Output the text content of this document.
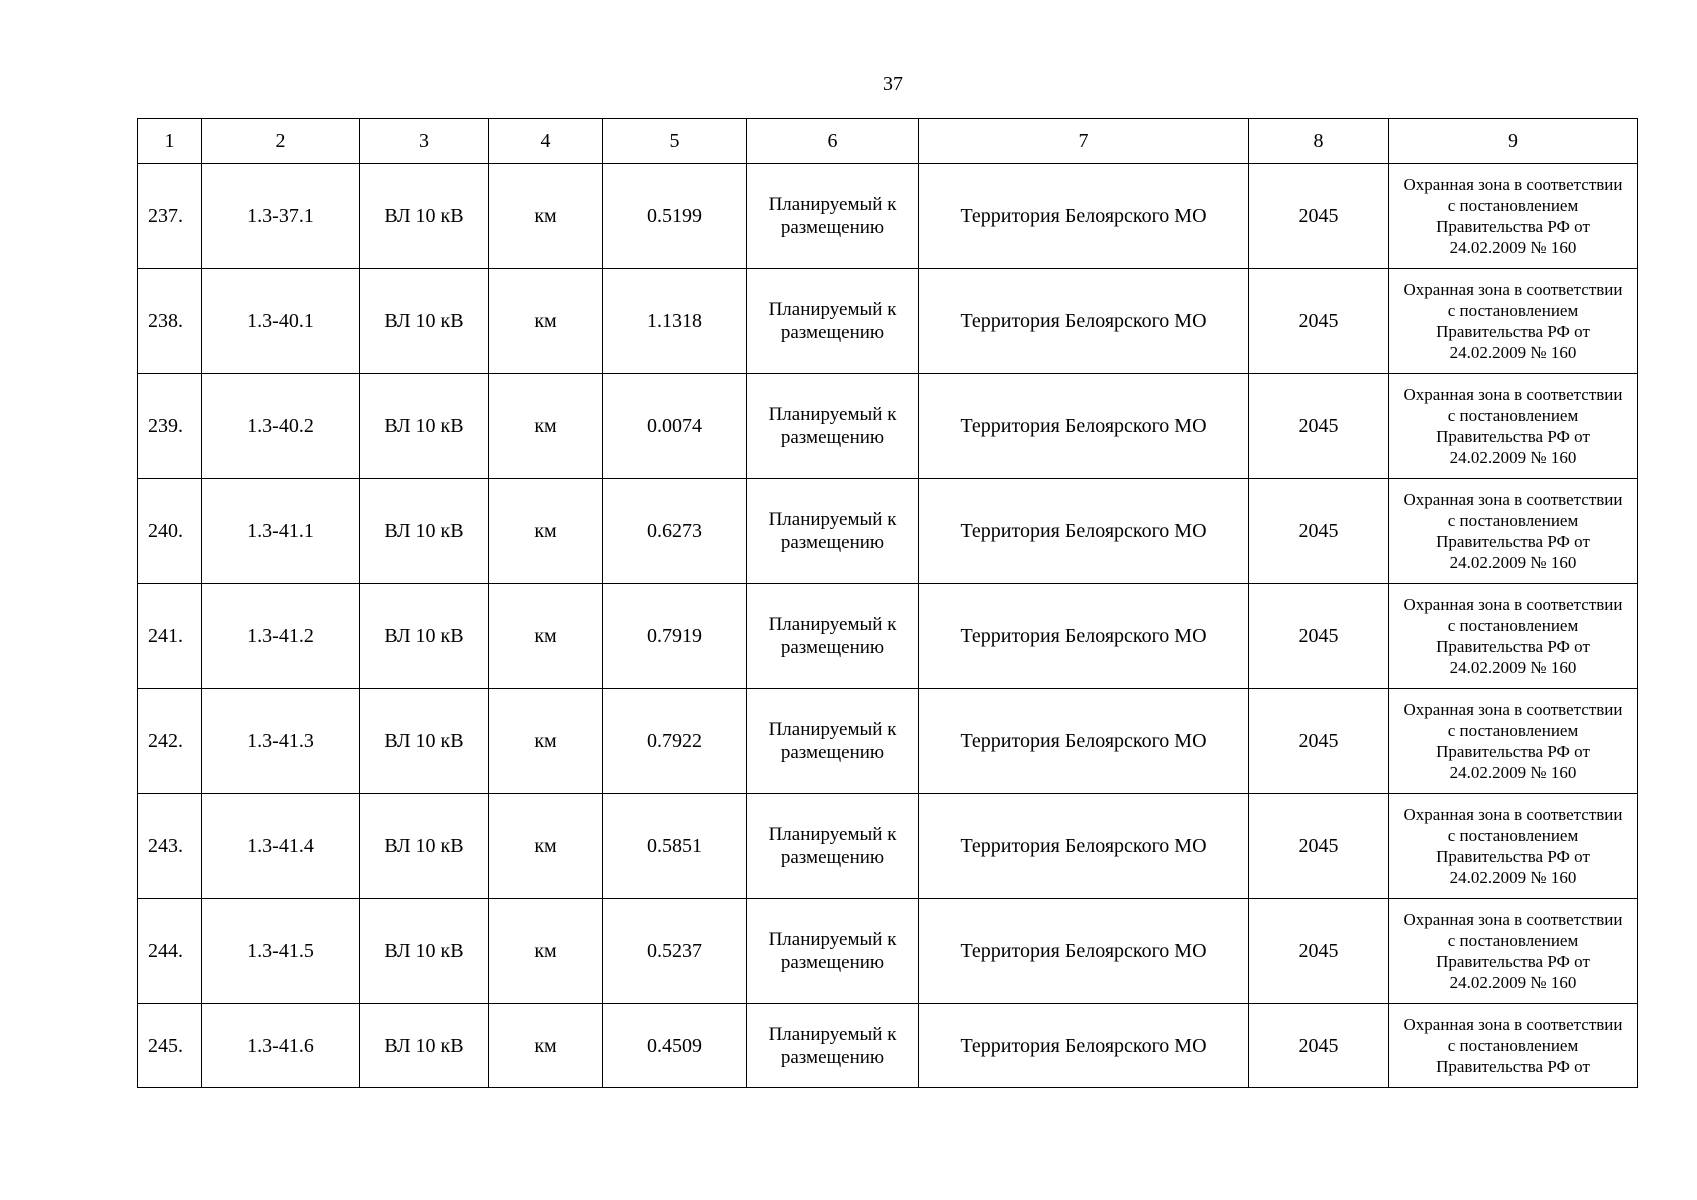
37
1	2	3	4	5	6	7	8	9
237.	1.3-37.1	ВЛ 10 кВ	км	0.5199	Планируемый к размещению	Территория Белоярского МО	2045	Охранная зона в соответствии
с постановлением
Правительства РФ от
24.02.2009 № 160

238.	1.3-40.1	ВЛ 10 кВ	км	1.1318	Планируемый к размещению	Территория Белоярского МО	2045	Охранная зона в соответствии
с постановлением
Правительства РФ от
24.02.2009 № 160

239.	1.3-40.2	ВЛ 10 кВ	км	0.0074	Планируемый к размещению	Территория Белоярского МО	2045	Охранная зона в соответствии
с постановлением
Правительства РФ от
24.02.2009 № 160

240.	1.3-41.1	ВЛ 10 кВ	км	0.6273	Планируемый к размещению	Территория Белоярского МО	2045	Охранная зона в соответствии
с постановлением
Правительства РФ от
24.02.2009 № 160

241.	1.3-41.2	ВЛ 10 кВ	км	0.7919	Планируемый к размещению	Территория Белоярского МО	2045	Охранная зона в соответствии
с постановлением
Правительства РФ от
24.02.2009 № 160

242.	1.3-41.3	ВЛ 10 кВ	км	0.7922	Планируемый к размещению	Территория Белоярского МО	2045	Охранная зона в соответствии
с постановлением
Правительства РФ от
24.02.2009 № 160

243.	1.3-41.4	ВЛ 10 кВ	км	0.5851	Планируемый к размещению	Территория Белоярского МО	2045	Охранная зона в соответствии
с постановлением
Правительства РФ от
24.02.2009 № 160

244.	1.3-41.5	ВЛ 10 кВ	км	0.5237	Планируемый к размещению	Территория Белоярского МО	2045	Охранная зона в соответствии
с постановлением
Правительства РФ от
24.02.2009 № 160

245.	1.3-41.6	ВЛ 10 кВ	км	0.4509	Планируемый к размещению	Территория Белоярского МО	2045	Охранная зона в соответствии
с постановлением
Правительства РФ от
